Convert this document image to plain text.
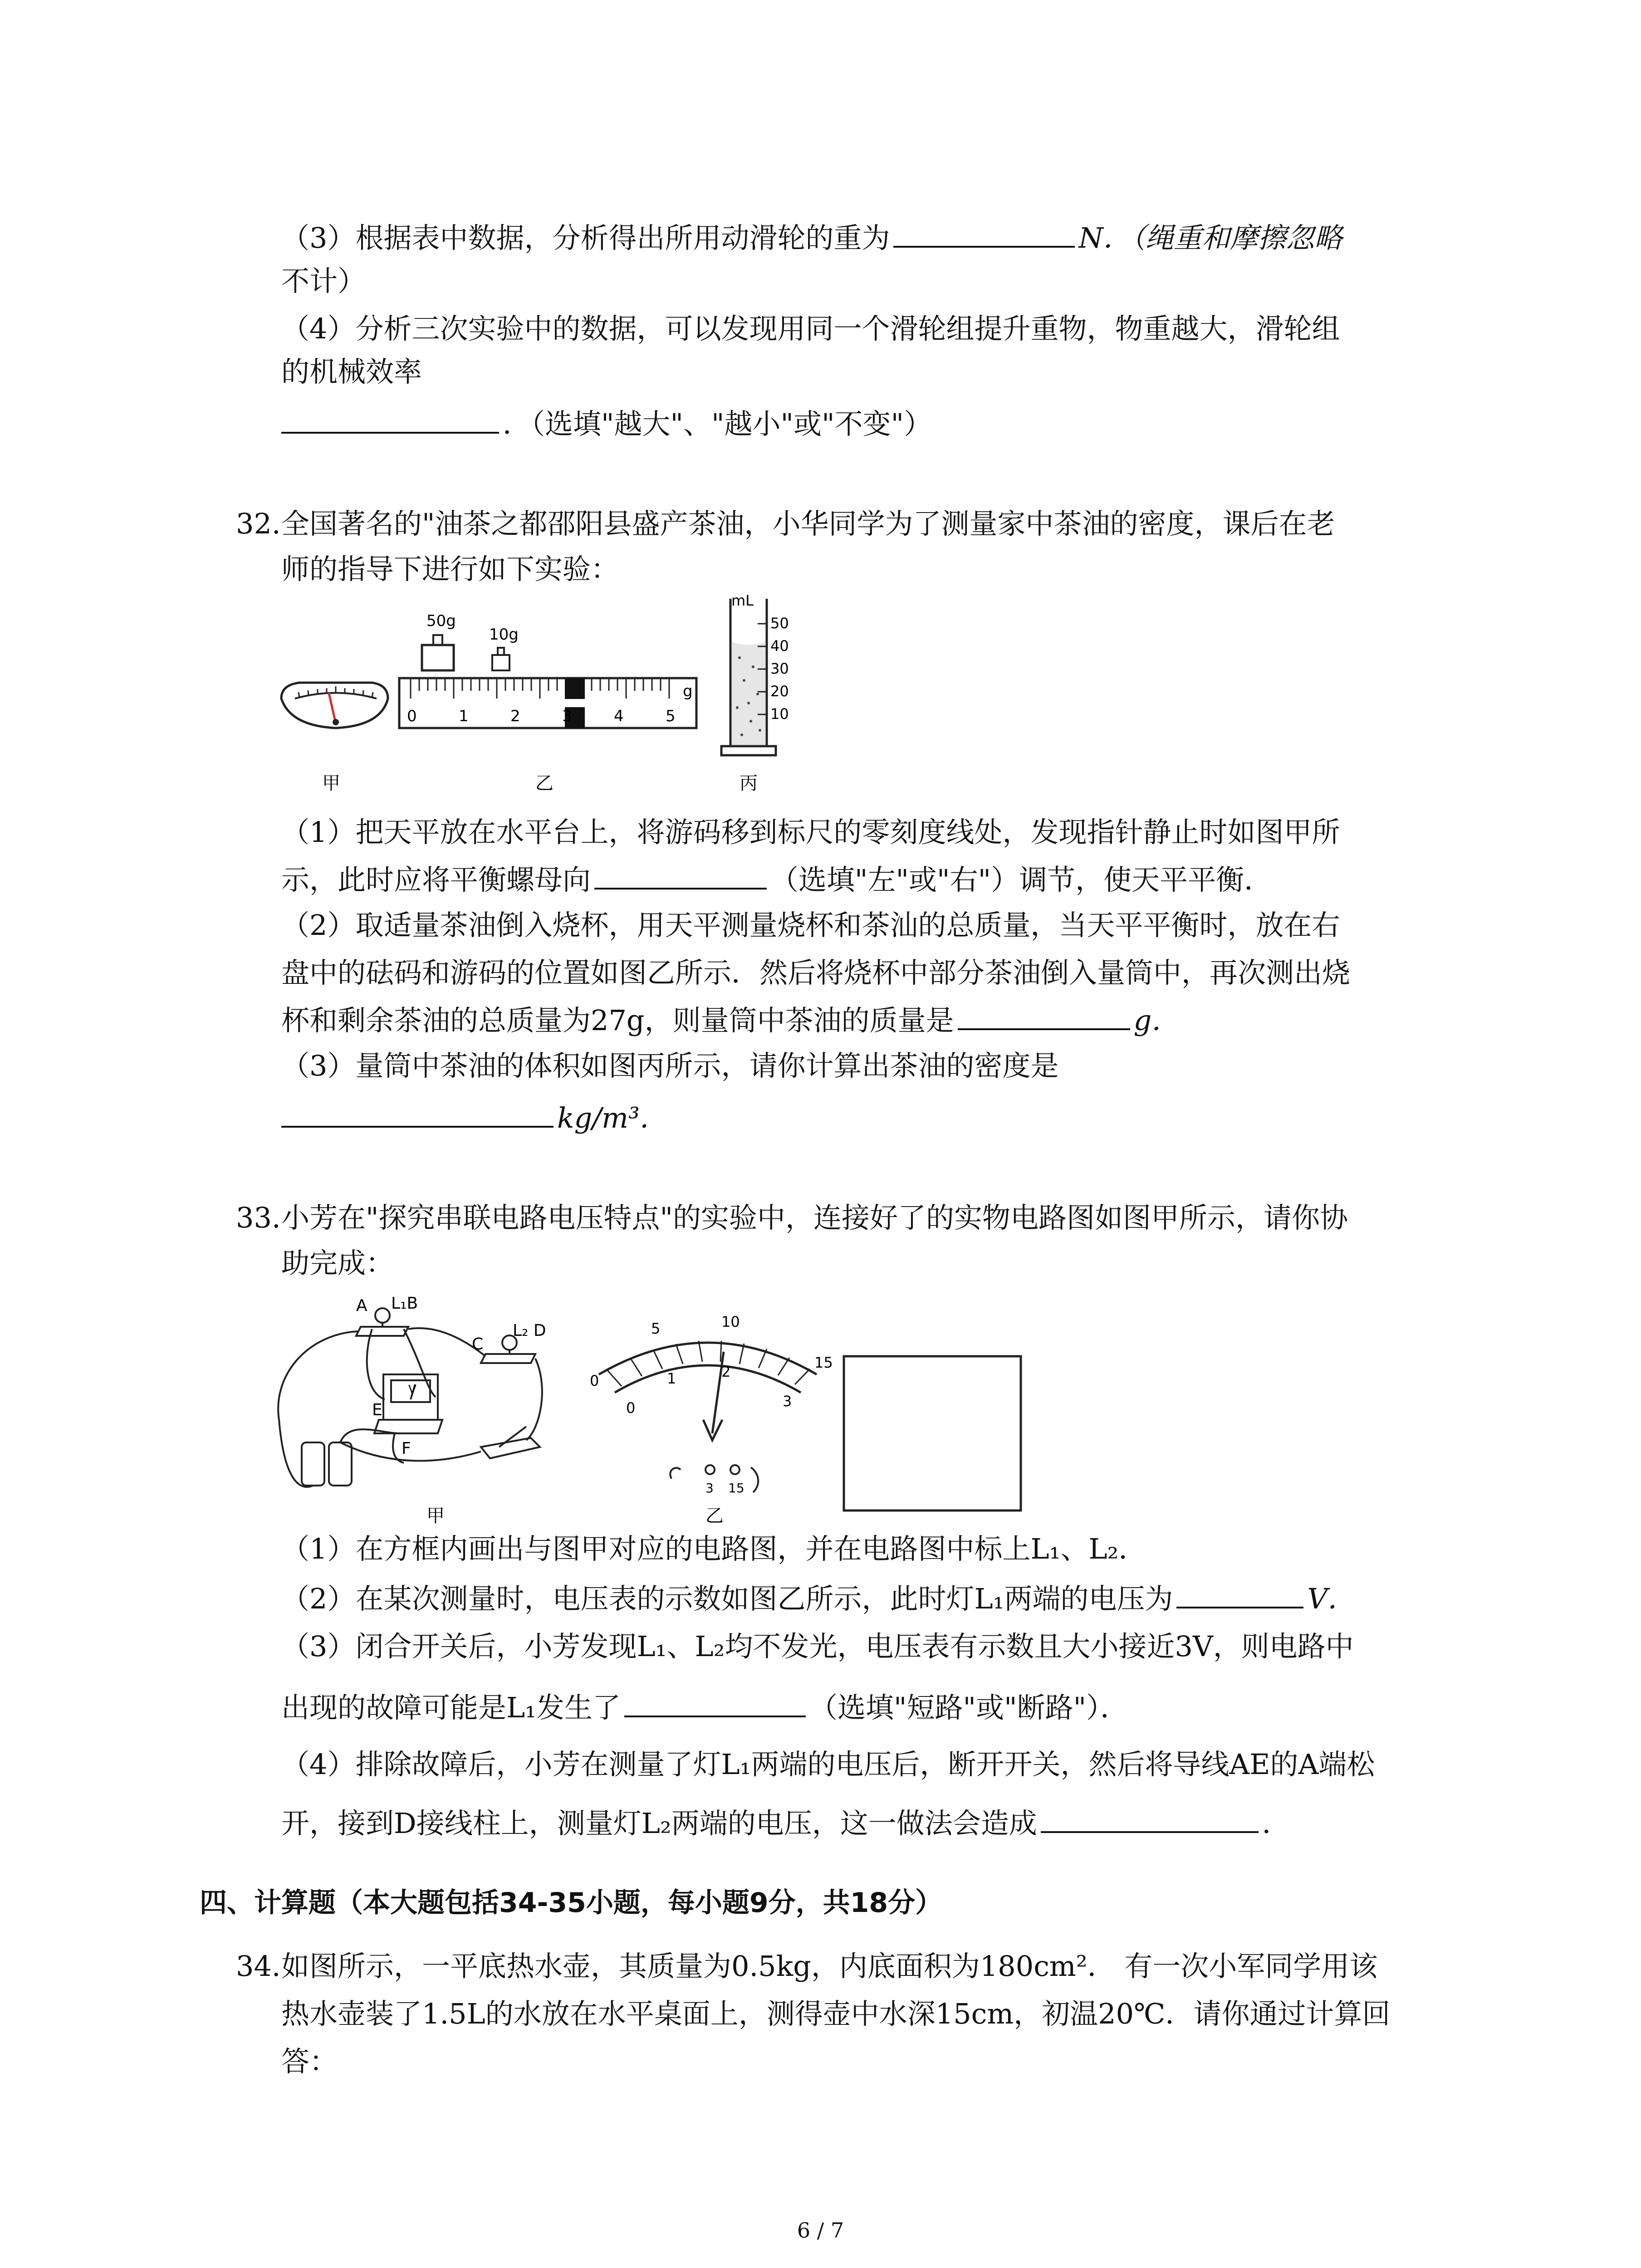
（3）根据表中数据，分析得出所用动滑轮的重为	N．（绳重和摩擦忽略
不计）
（4）分析三次实验中的数据，可以发现用同一个滑轮组提升重物，物重越大，滑轮组
的机械效率
．（选填"越大"、"越小"或"不变"）
32. 全国著名的"油茶之都邵阳县盛产茶油，小华同学为了测量家中茶油的密度，课后在老
师的指导下进行如下实验：
50g
10g
0	1	2	3	4	5
g
mL
50
40
30
20
10
甲	乙	丙
（1）把天平放在水平台上，将游码移到标尺的零刻度线处，发现指针静止时如图甲所
示，此时应将平衡螺母向	（选填"左"或"右"）调节，使天平平衡．
（2）取适量茶油倒入烧杯，用天平测量烧杯和茶汕的总质量，当天平平衡时，放在右
盘中的砝码和游码的位置如图乙所示．然后将烧杯中部分茶油倒入量筒中，再次测出烧
杯和剩余茶油的总质量为27g，则量筒中茶油的质量是	g．
（3）量筒中茶油的体积如图丙所示，请你计算出茶油的密度是
kg/m³．
33. 小芳在"探究串联电路电压特点"的实验中，连接好了的实物电路图如图甲所示，请你协
助完成：
A L₁B
C
L₂ D
E
F
V
甲
0
5	10
15
0
1	2
3
3 15
乙
（1）在方框内画出与图甲对应的电路图，并在电路图中标上L₁、L₂．
（2）在某次测量时，电压表的示数如图乙所示，此时灯L₁两端的电压为	V．
（3）闭合开关后，小芳发现L₁、L₂均不发光，电压表有示数且大小接近3V，则电路中
出现的故障可能是L₁发生了	（选填"短路"或"断路"）．
（4）排除故障后，小芳在测量了灯L₁两端的电压后，断开开关，然后将导线AE的A端松
开，接到D接线柱上，测量灯L₂两端的电压，这一做法会造成	．
四、计算题（本大题包括34-35小题，每小题9分，共18分）
34. 如图所示，一平底热水壶，其质量为0.5kg，内底面积为180cm²． 有一次小军同学用该
热水壶装了1.5L的水放在水平桌面上，测得壶中水深15cm，初温20℃．请你通过计算回
答：
6 / 7
